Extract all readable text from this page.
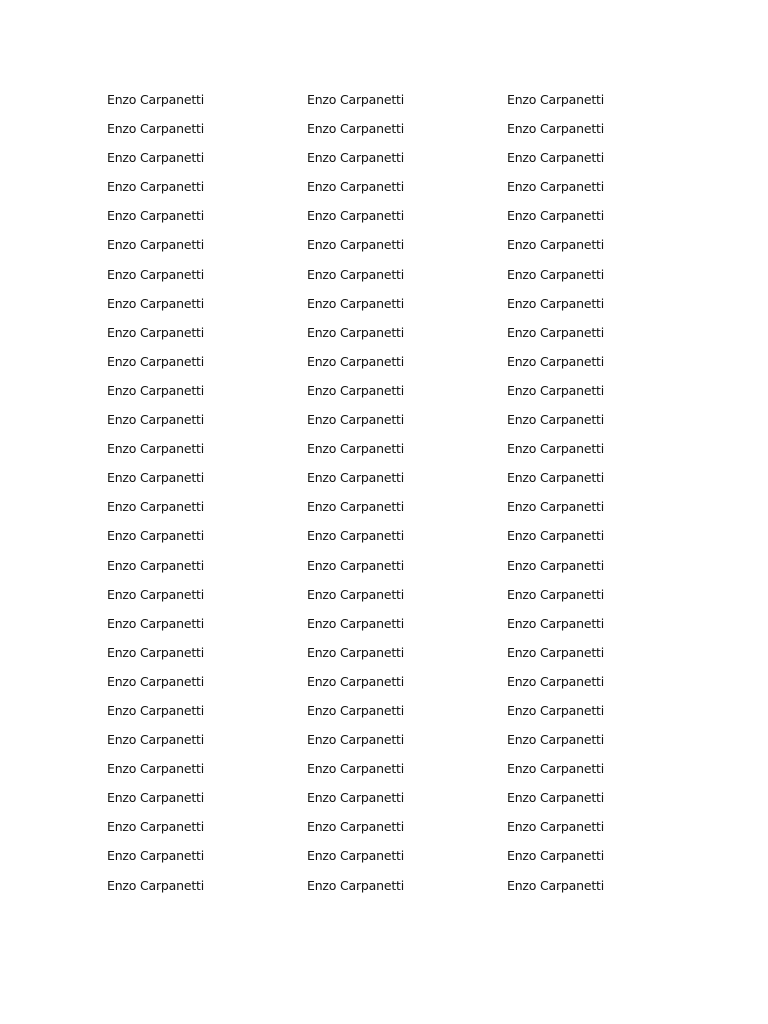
Enzo Carpanetti	Enzo Carpanetti	Enzo Carpanetti
Enzo Carpanetti	Enzo Carpanetti	Enzo Carpanetti
Enzo Carpanetti	Enzo Carpanetti	Enzo Carpanetti
Enzo Carpanetti	Enzo Carpanetti	Enzo Carpanetti
Enzo Carpanetti	Enzo Carpanetti	Enzo Carpanetti
Enzo Carpanetti	Enzo Carpanetti	Enzo Carpanetti
Enzo Carpanetti	Enzo Carpanetti	Enzo Carpanetti
Enzo Carpanetti	Enzo Carpanetti	Enzo Carpanetti
Enzo Carpanetti	Enzo Carpanetti	Enzo Carpanetti
Enzo Carpanetti	Enzo Carpanetti	Enzo Carpanetti
Enzo Carpanetti	Enzo Carpanetti	Enzo Carpanetti
Enzo Carpanetti	Enzo Carpanetti	Enzo Carpanetti
Enzo Carpanetti	Enzo Carpanetti	Enzo Carpanetti
Enzo Carpanetti	Enzo Carpanetti	Enzo Carpanetti
Enzo Carpanetti	Enzo Carpanetti	Enzo Carpanetti
Enzo Carpanetti	Enzo Carpanetti	Enzo Carpanetti
Enzo Carpanetti	Enzo Carpanetti	Enzo Carpanetti
Enzo Carpanetti	Enzo Carpanetti	Enzo Carpanetti
Enzo Carpanetti	Enzo Carpanetti	Enzo Carpanetti
Enzo Carpanetti	Enzo Carpanetti	Enzo Carpanetti
Enzo Carpanetti	Enzo Carpanetti	Enzo Carpanetti
Enzo Carpanetti	Enzo Carpanetti	Enzo Carpanetti
Enzo Carpanetti	Enzo Carpanetti	Enzo Carpanetti
Enzo Carpanetti	Enzo Carpanetti	Enzo Carpanetti
Enzo Carpanetti	Enzo Carpanetti	Enzo Carpanetti
Enzo Carpanetti	Enzo Carpanetti	Enzo Carpanetti
Enzo Carpanetti	Enzo Carpanetti	Enzo Carpanetti
Enzo Carpanetti	Enzo Carpanetti	Enzo Carpanetti
